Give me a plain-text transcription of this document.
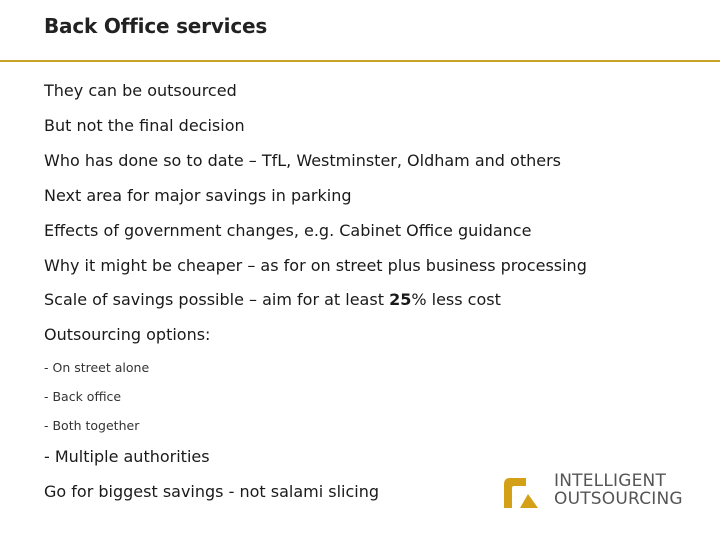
Back Office services
They can be outsourced
But not the final decision
Who has done so to date – TfL, Westminster, Oldham and others
Next area for major savings in parking
Effects of government changes, e.g. Cabinet Office guidance
Why it might be cheaper – as for on street plus business processing
Scale of savings possible – aim for at least 25% less cost
Outsourcing options:
- On street alone
- Back office
- Both together
- Multiple authorities
Go for biggest savings - not salami slicing
INTELLIGENT
OUTSOURCING
